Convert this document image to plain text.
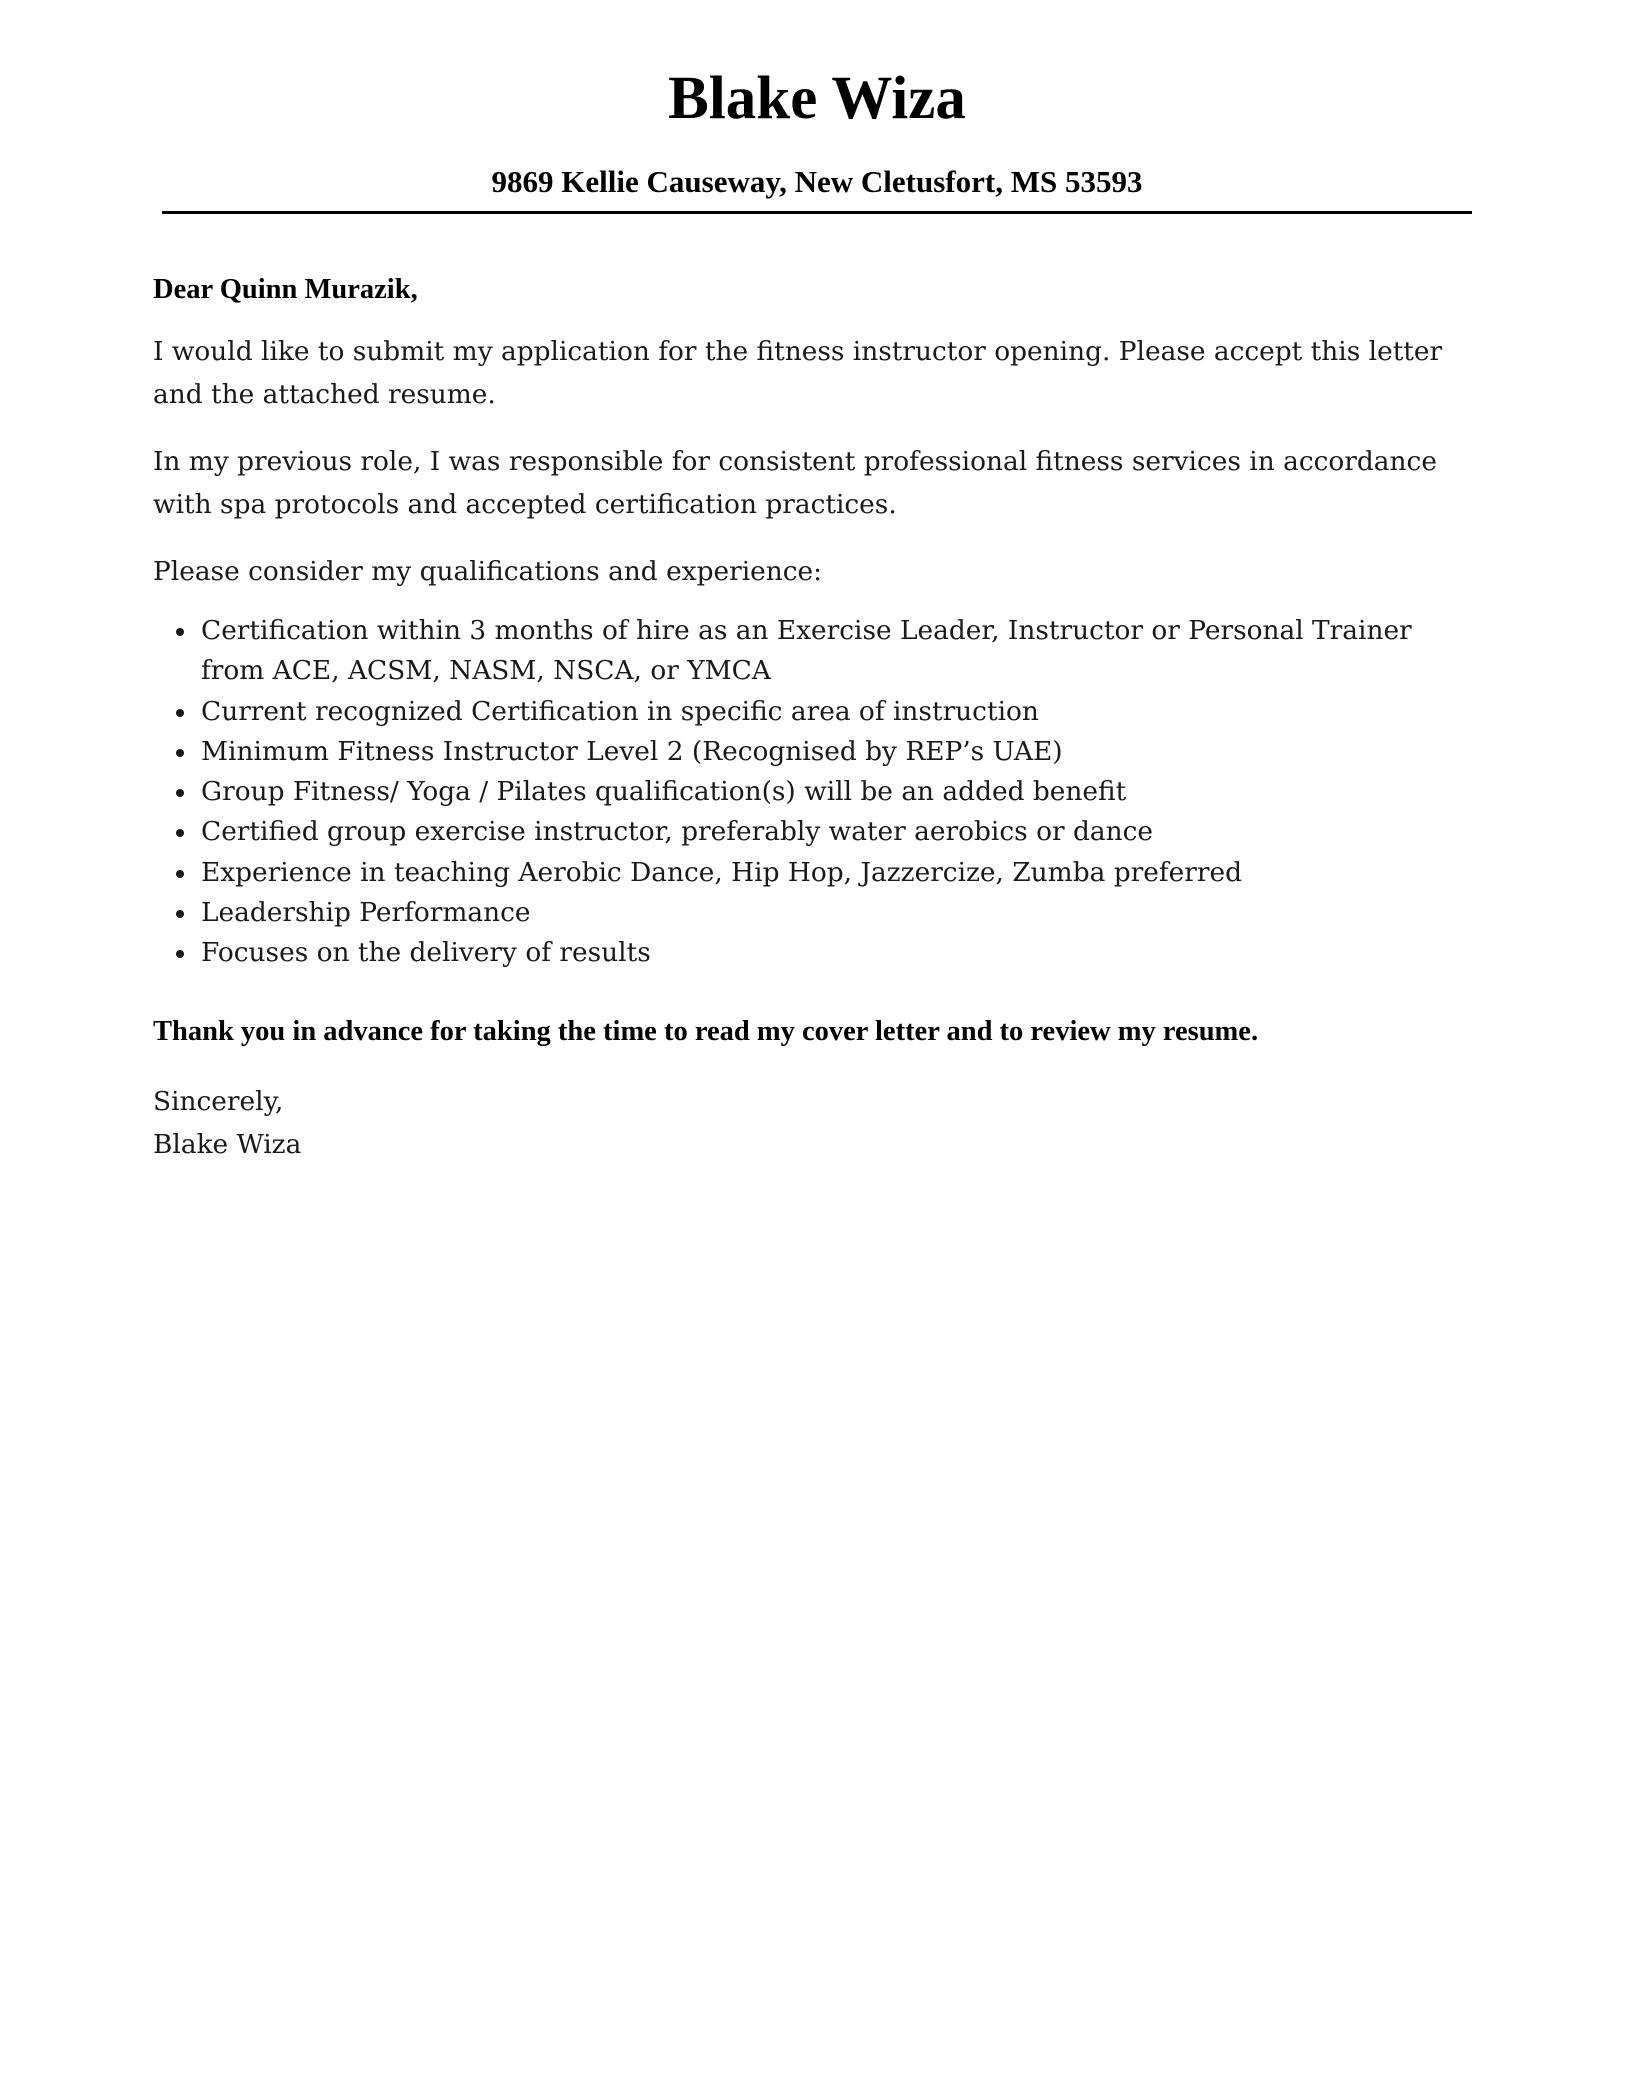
Blake Wiza
9869 Kellie Causeway, New Cletusfort, MS 53593

Dear Quinn Murazik,

I would like to submit my application for the fitness instructor opening. Please accept this letter and the attached resume.

In my previous role, I was responsible for consistent professional fitness services in accordance with spa protocols and accepted certification practices.

Please consider my qualifications and experience:

Certification within 3 months of hire as an Exercise Leader, Instructor or Personal Trainer from ACE, ACSM, NASM, NSCA, or YMCA
Current recognized Certification in specific area of instruction
Minimum Fitness Instructor Level 2 (Recognised by REP’s UAE)
Group Fitness/ Yoga / Pilates qualification(s) will be an added benefit
Certified group exercise instructor, preferably water aerobics or dance
Experience in teaching Aerobic Dance, Hip Hop, Jazzercize, Zumba preferred
Leadership Performance
Focuses on the delivery of results

Thank you in advance for taking the time to read my cover letter and to review my resume.

Sincerely,
Blake Wiza
